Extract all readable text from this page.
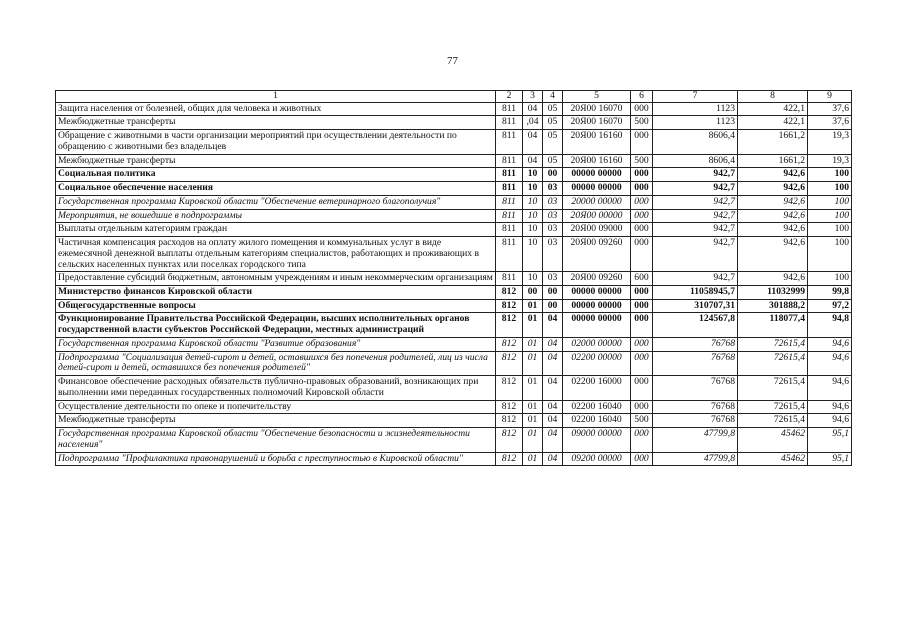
77
1	2	3	4	5	6	7	8	9
Защита населения от болезней, общих для человека и животных	811	04	05	20Я00 16070	000	1123	422,1	37,6
Межбюджетные трансферты	811	,04	05	20Я00 16070	500	1123	422,1	37,6
Обращение с животными в части организации мероприятий при осуществлении деятельности по обращению с животными без владельцев	811	04	05	20Я00 16160	000	8606,4	1661,2	19,3
Межбюджетные трансферты	811	04	05	20Я00 16160	500	8606,4	1661,2	19,3
Социальная политика	811	10	00	00000 00000	000	942,7	942,6	100
Социальное обеспечение населения	811	10	03	00000 00000	000	942,7	942,6	100
Государственная программа Кировской области "Обеспечение ветеринарного благополучия"	811	10	03	20000 00000	000	942,7	942,6	100
Мероприятия, не вошедшие в подпрограммы	811	10	03	20Я00 00000	000	942,7	942,6	100
Выплаты отдельным категориям граждан	811	10	03	20Я00 09000	000	942,7	942,6	100
Частичная компенсация расходов на оплату жилого помещения и коммунальных услуг в виде ежемесячной денежной выплаты отдельным категориям специалистов, работающих и проживающих в сельских населенных пунктах или поселках городского типа	811	10	03	20Я00 09260	000	942,7	942,6	100
Предоставление субсидий бюджетным, автономным учреждениям и иным некоммерческим организациям	811	10	03	20Я00 09260	600	942,7	942,6	100
Министерство финансов Кировской области	812	00	00	00000 00000	000	11058945,7	11032999	99,8
Общегосударственные вопросы	812	01	00	00000 00000	000	310707,31	301888,2	97,2
Функционирование Правительства Российской Федерации, высших исполнительных органов государственной власти субъектов Российской Федерации, местных администраций	812	01	04	00000 00000	000	124567,8	118077,4	94,8
Государственная программа Кировской области "Развитие образования"	812	01	04	02000 00000	000	76768	72615,4	94,6
Подпрограмма "Социализация детей-сирот и детей, оставшихся без попечения родителей, лиц из числа детей-сирот и детей, оставшихся без попечения родителей"	812	01	04	02200 00000	000	76768	72615,4	94,6
Финансовое обеспечение расходных обязательств публично-правовых образований, возникающих при выполнении ими переданных государственных полномочий Кировской области	812	01	04	02200 16000	000	76768	72615,4	94,6
Осуществление деятельности по опеке и попечительству	812	01	04	02200 16040	000	76768	72615,4	94,6
Межбюджетные трансферты	812	01	04	02200 16040	500	76768	72615,4	94,6
Государственная программа Кировской области "Обеспечение безопасности и жизнедеятельности населения"	812	01	04	09000 00000	000	47799,8	45462	95,1
Подпрограмма "Профилактика правонарушений и борьба с преступностью в Кировской области"	812	01	04	09200 00000	000	47799,8	45462	95,1
